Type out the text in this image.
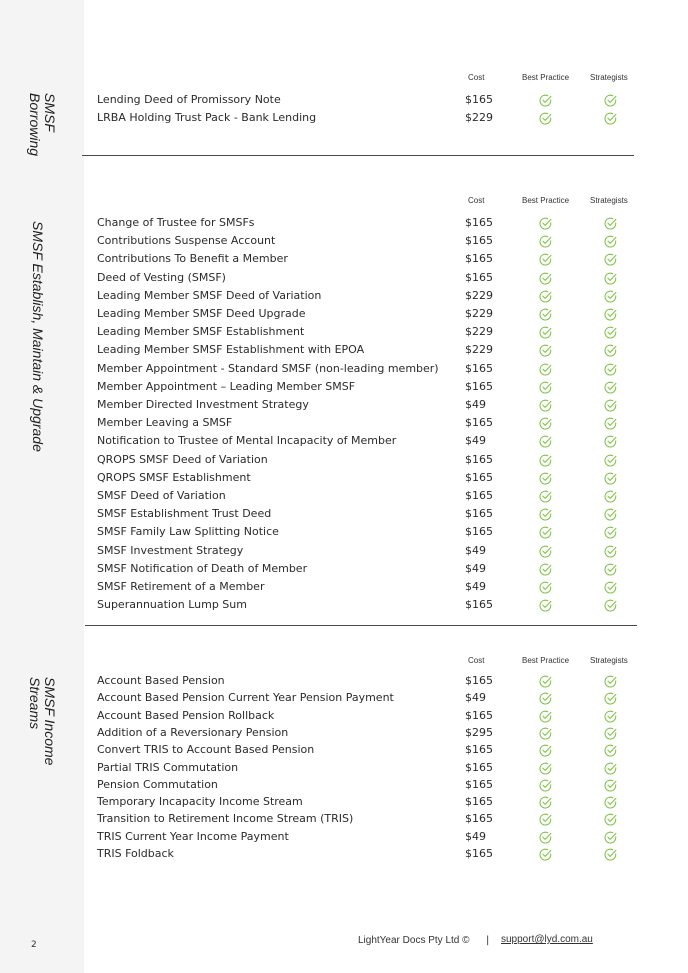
2	LightYear Docs Pty Ltd © | support@lyd.com.au
SMSF
Borrowing
Cost	Best Practice	Strategists
Lending Deed of Promissory Note	$165
LRBA Holding Trust Pack - Bank Lending	$229
SMSF Establish, Maintain & Upgrade
Cost	Best Practice	Strategists
Change of Trustee for SMSFs	$165
Contributions Suspense Account	$165
Contributions To Benefit a Member	$165
Deed of Vesting (SMSF)	$165
Leading Member SMSF Deed of Variation	$229
Leading Member SMSF Deed Upgrade	$229
Leading Member SMSF Establishment	$229
Leading Member SMSF Establishment with EPOA	$229
Member Appointment - Standard SMSF (non-leading member) $165
Member Appointment – Leading Member SMSF	$165
Member Directed Investment Strategy	$49
Member Leaving a SMSF	$165
Notification to Trustee of Mental Incapacity of Member	$49
QROPS SMSF Deed of Variation	$165
QROPS SMSF Establishment	$165
SMSF Deed of Variation	$165
SMSF Establishment Trust Deed	$165
SMSF Family Law Splitting Notice	$165
SMSF Investment Strategy	$49
SMSF Notification of Death of Member	$49
SMSF Retirement of a Member	$49
Superannuation Lump Sum	$165
SMSF Income
Streams
Cost	Best Practice	Strategists
Account Based Pension	$165
Account Based Pension Current Year Pension Payment	$49
Account Based Pension Rollback	$165
Addition of a Reversionary Pension	$295
Convert TRIS to Account Based Pension	$165
Partial TRIS Commutation	$165
Pension Commutation	$165
Temporary Incapacity Income Stream	$165
Transition to Retirement Income Stream (TRIS)	$165
TRIS Current Year Income Payment	$49
TRIS Foldback	$165
